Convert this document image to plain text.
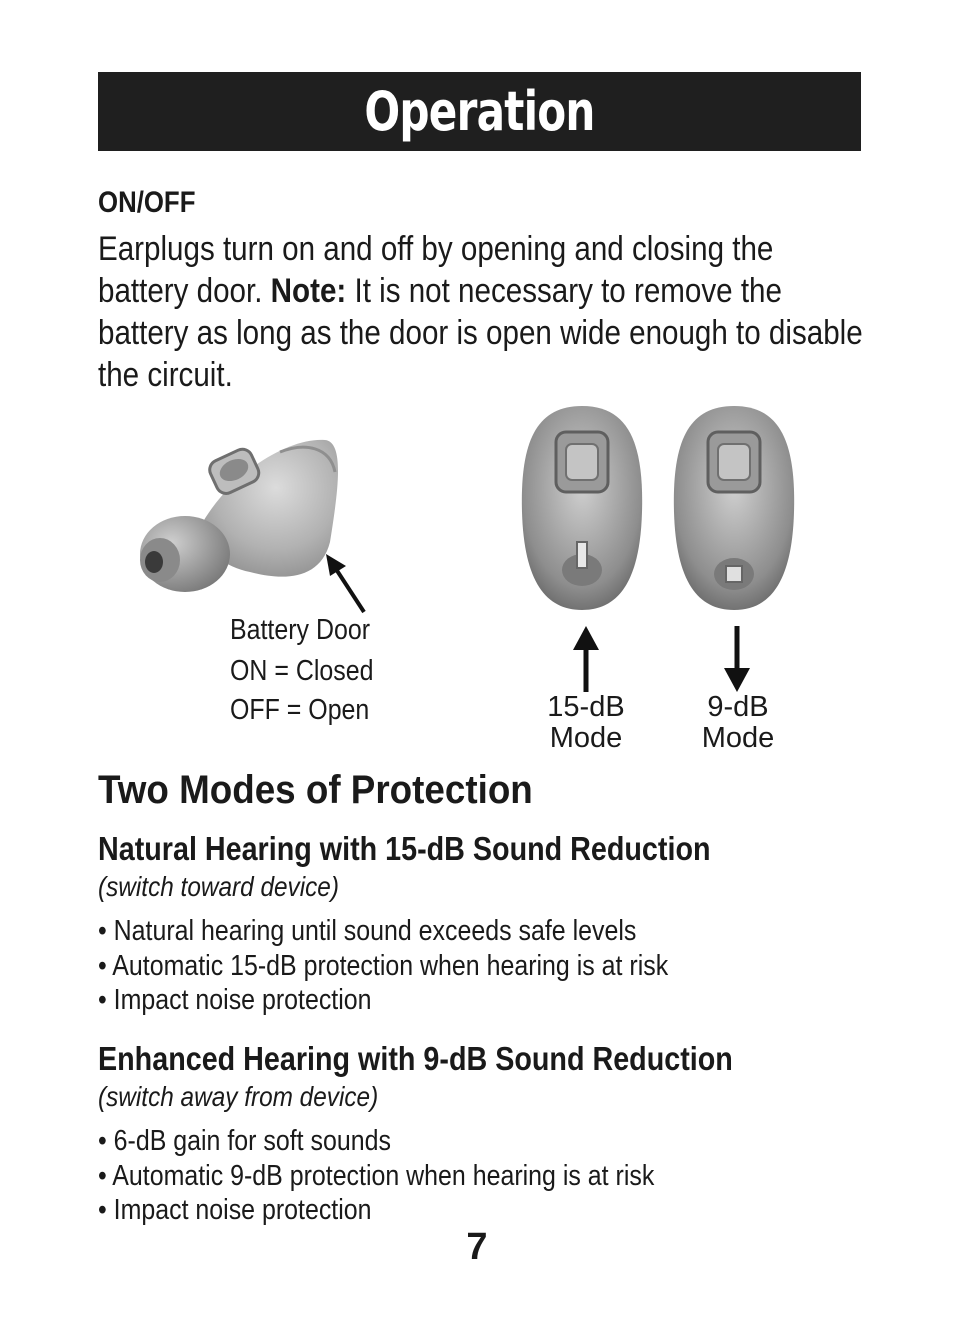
Operation
ON/OFF
Earplugs turn on and off by opening and closing the battery door. Note: It is not necessary to remove the battery as long as the door is open wide enough to disable the circuit.
Battery Door
ON = Closed
OFF = Open	15-dB
Mode
9-dB
Mode
Two Modes of Protection
Natural Hearing with 15-dB Sound Reduction
(switch toward device)
• Natural hearing until sound exceeds safe levels
• Automatic 15-dB protection when hearing is at risk
• Impact noise protection
Enhanced Hearing with 9-dB Sound Reduction
(switch away from device)
• 6-dB gain for soft sounds
• Automatic 9-dB protection when hearing is at risk
• Impact noise protection
7
